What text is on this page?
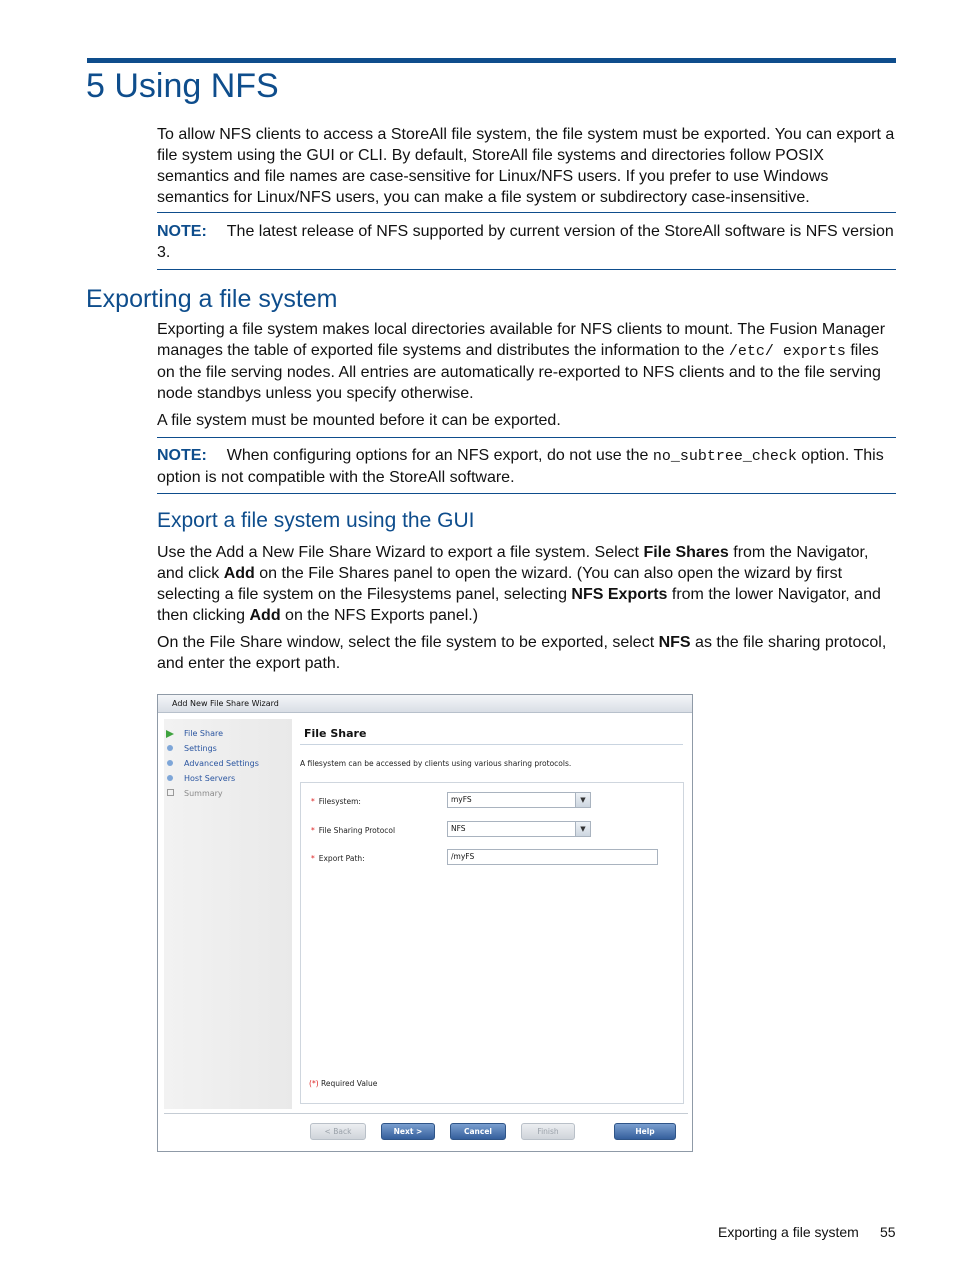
5 Using NFS

To allow NFS clients to access a StoreAll file system, the file system must be exported. You can export a file system using the GUI or CLI. By default, StoreAll file systems and directories follow POSIX semantics and file names are case-sensitive for Linux/NFS users. If you prefer to use Windows semantics for Linux/NFS users, you can make a file system or subdirectory case-insensitive.

NOTE: The latest release of NFS supported by current version of the StoreAll software is NFS version 3.
Exporting a file system

Exporting a file system makes local directories available for NFS clients to mount. The Fusion Manager manages the table of exported file systems and distributes the information to the /etc/ exports files on the file serving nodes. All entries are automatically re-exported to NFS clients and to the file serving node standbys unless you specify otherwise.

A file system must be mounted before it can be exported.

NOTE: When configuring options for an NFS export, do not use the no_subtree_check option. This option is not compatible with the StoreAll software.
Export a file system using the GUI

Use the Add a New File Share Wizard to export a file system. Select File Shares from the Navigator, and click Add on the File Shares panel to open the wizard. (You can also open the wizard by first selecting a file system on the Filesystems panel, selecting NFS Exports from the lower Navigator, and then clicking Add on the NFS Exports panel.)

On the File Share window, select the file system to be exported, select NFS as the file sharing protocol, and enter the export path.

Add New File Share Wizard
File Share
Settings
Advanced Settings
Host Servers
Summary
File Share
A filesystem can be accessed by clients using various sharing protocols.
* Filesystem:	myFS	▼
* File Sharing Protocol	NFS	▼
* Export Path:	/myFS
(*) Required Value
< Back	Next >	Cancel	Finish	Help
Exporting a file system 55
